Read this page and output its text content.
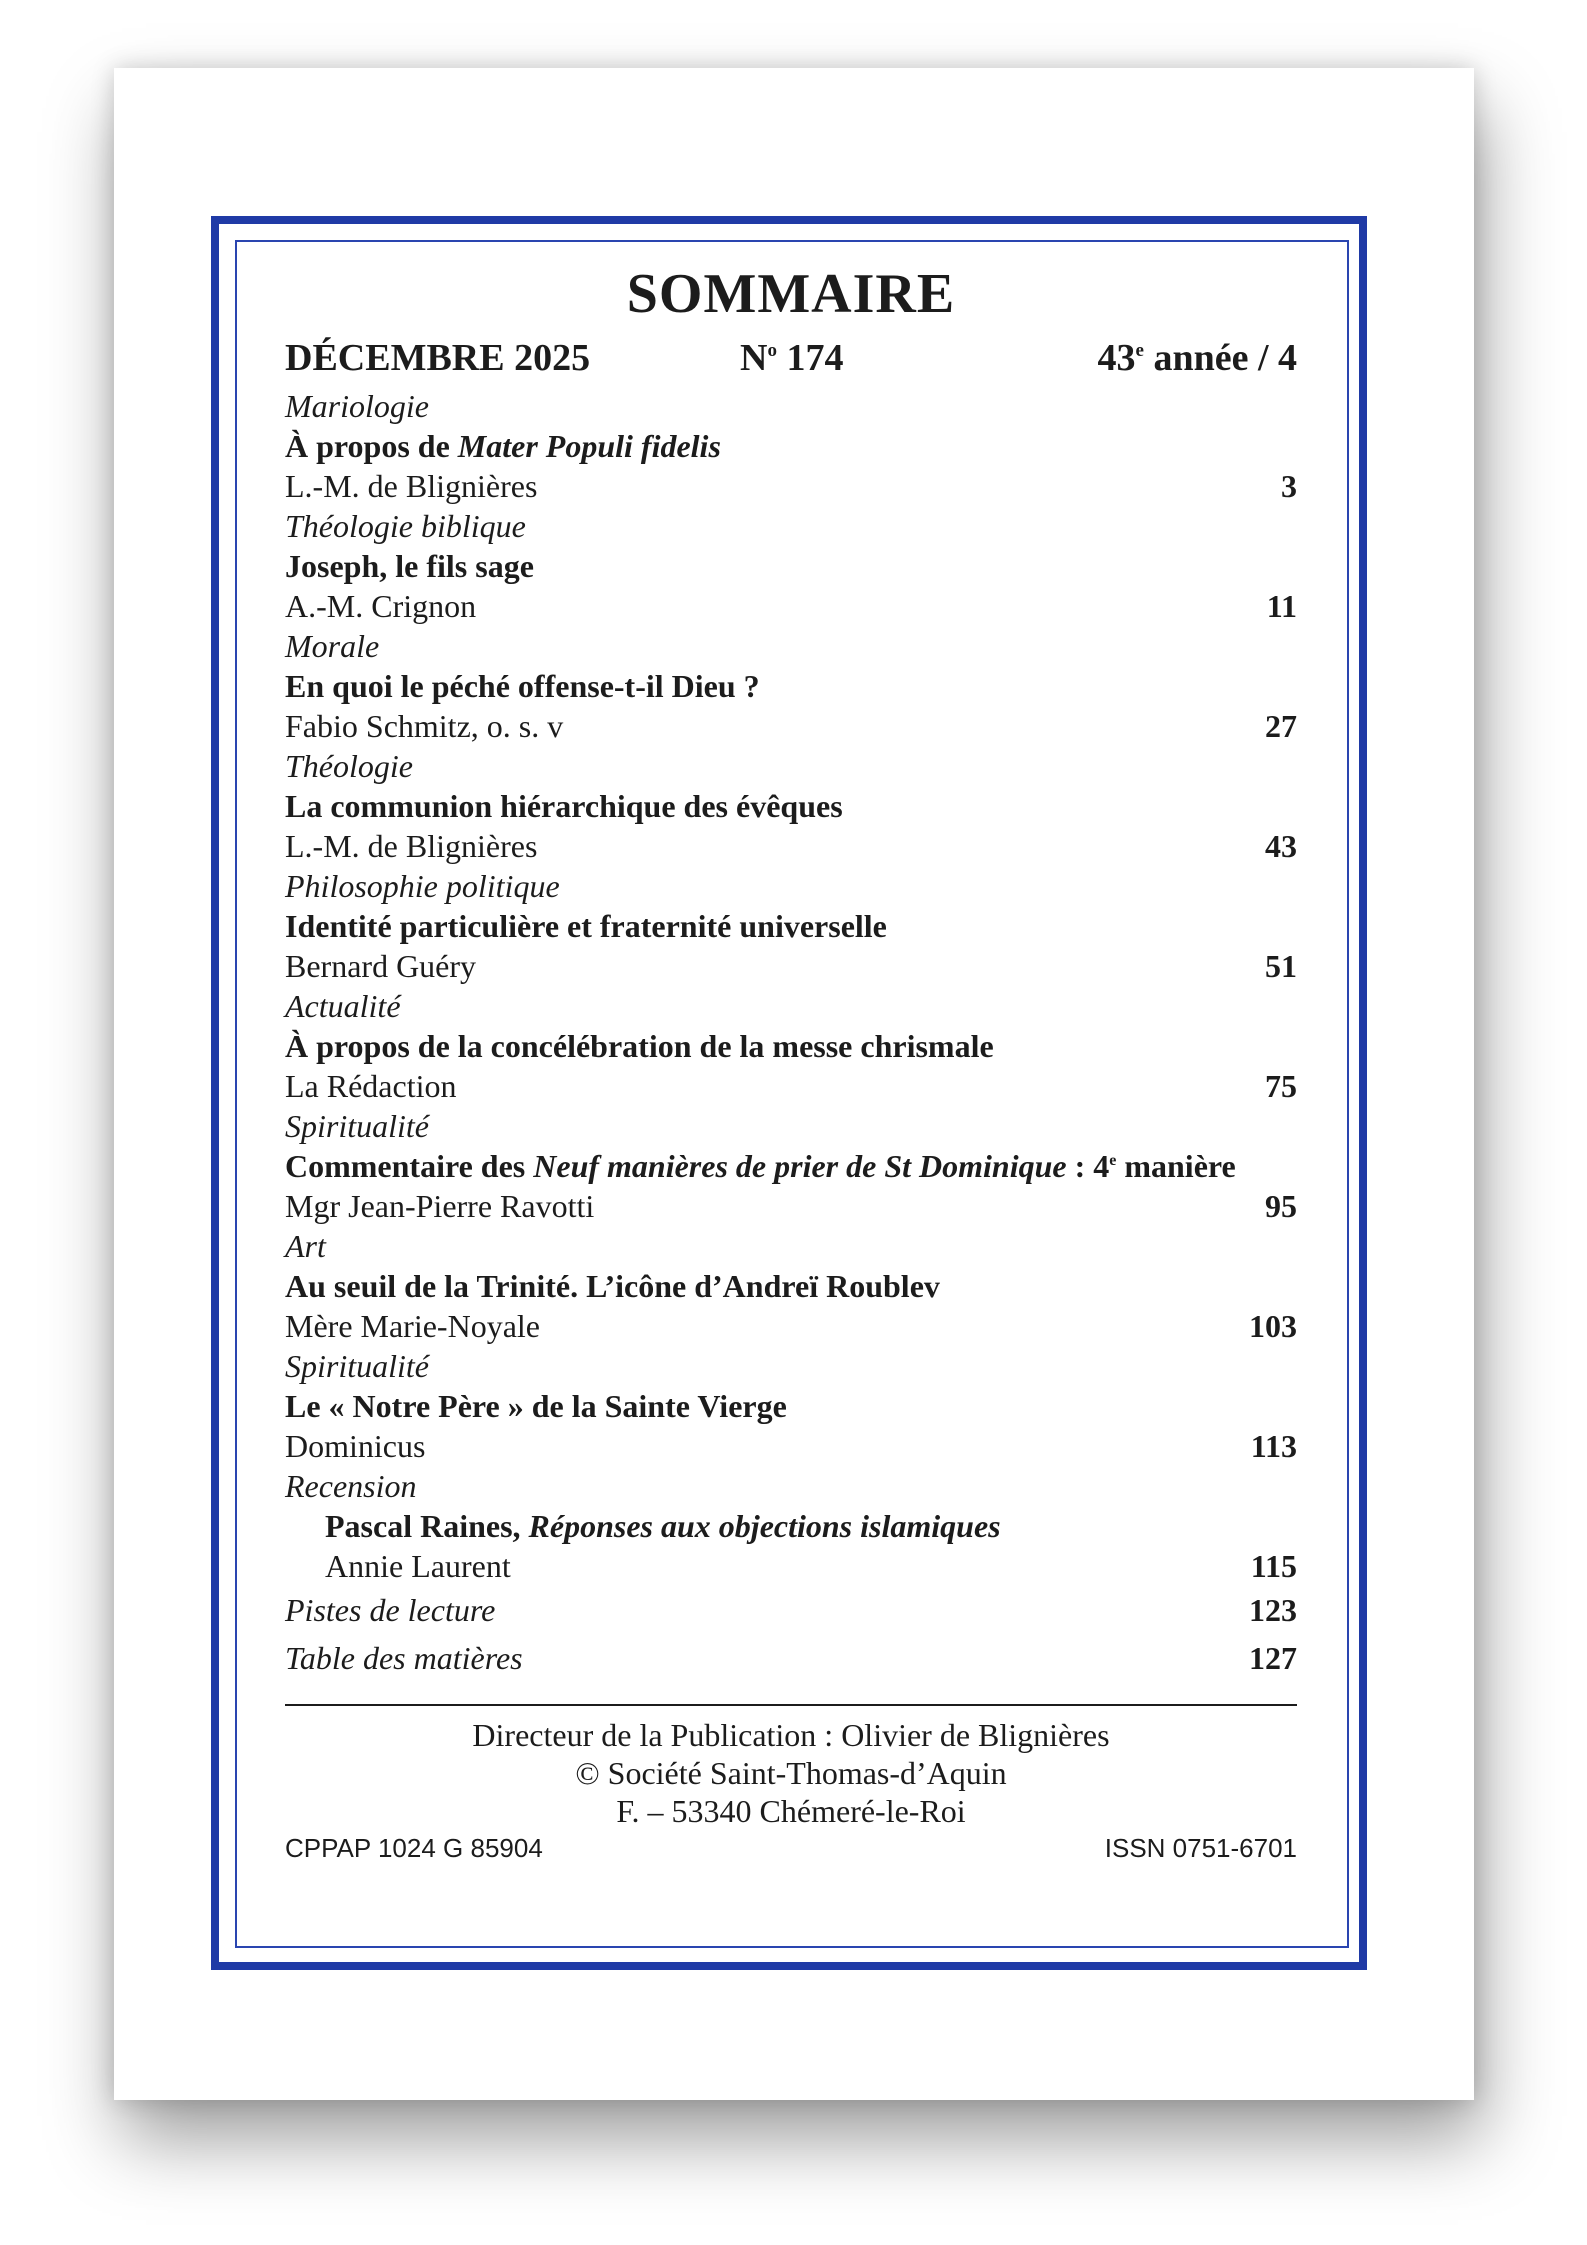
SOMMAIRE
DÉCEMBRE 2025	$N^o$ 174	43e année / 4
Mariologie
À propos de Mater Populi fidelis
L.-M. de Blignières	3
Théologie biblique
Joseph, le fils sage
A.-M. Crignon	11
Morale
En quoi le péché offense-t-il Dieu ?
Fabio Schmitz, o. s. v	27
Théologie
La communion hiérarchique des évêques
L.-M. de Blignières	43
Philosophie politique
Identité particulière et fraternité universelle
Bernard Guéry	51
Actualité
À propos de la concélébration de la messe chrismale
La Rédaction	75
Spiritualité
Commentaire des Neuf manières de prier de St Dominique : 4e manière
Mgr Jean-Pierre Ravotti	95
Art
Au seuil de la Trinité. L’icône d’Andreï Roublev
Mère Marie-Noyale	103
Spiritualité
Le « Notre Père » de la Sainte Vierge
Dominicus	113
Recension
Pascal Raines, Réponses aux objections islamiques
Annie Laurent	115
Pistes de lecture	123
Table des matières	127
Directeur de la Publication : Olivier de Blignières
© Société Saint-Thomas-d’Aquin
F. – 53340 Chémeré-le-Roi
CPPAP 1024 G 85904	ISSN 0751-6701
